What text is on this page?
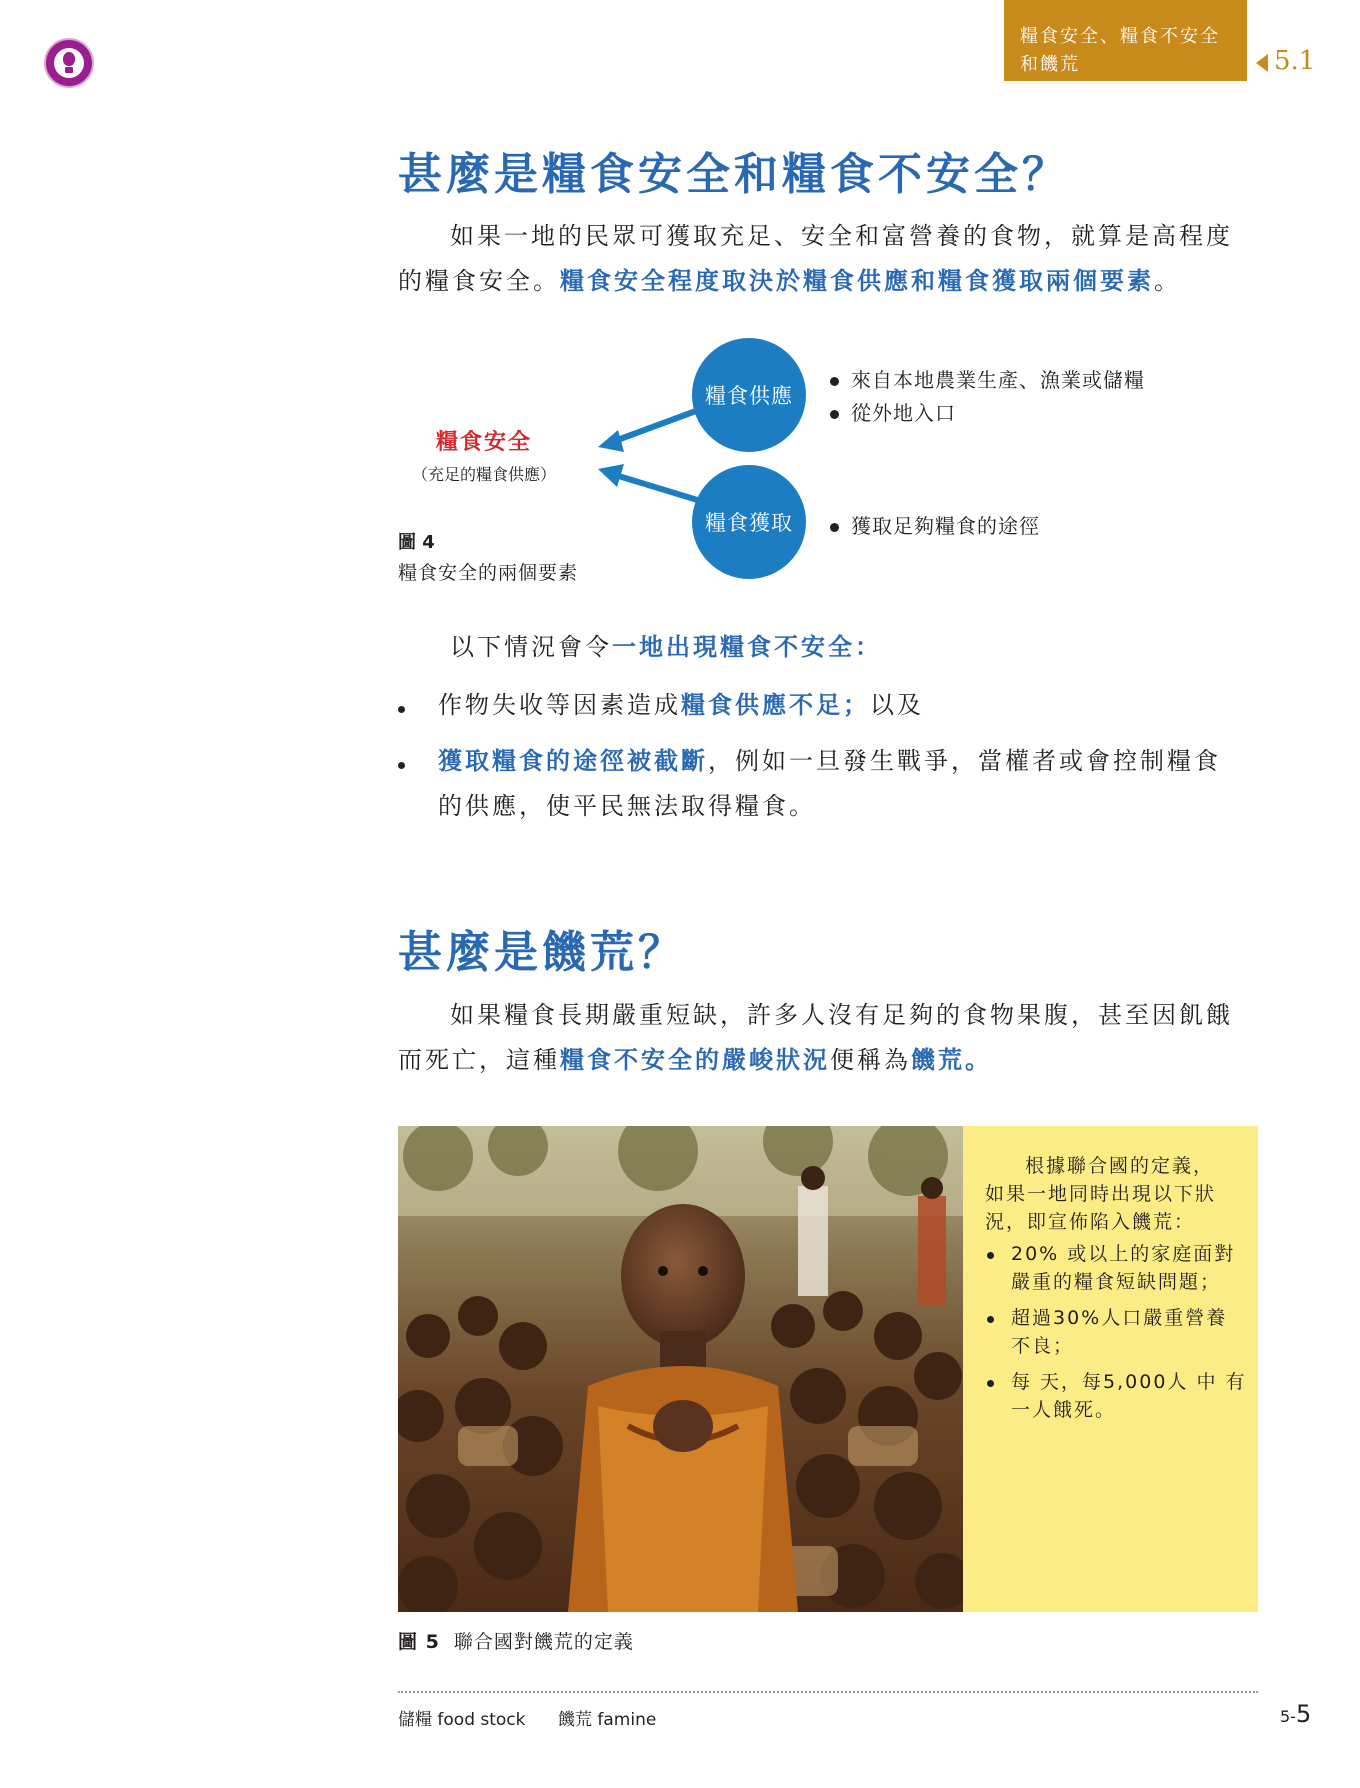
糧食安全、糧食不安全
和饑荒	5.1
甚麼是糧食安全和糧食不安全？
如果一地的民眾可獲取充足、安全和富營養的食物，就算是高程度
的糧食安全。糧食安全程度取決於糧食供應和糧食獲取兩個要素。
糧食供應
糧食獲取
糧食安全
（充足的糧食供應）
來自本地農業生產、漁業或儲糧
從外地入口
獲取足夠糧食的途徑
圖 4
糧食安全的兩個要素
以下情況會令一地出現糧食不安全：
作物失收等因素造成糧食供應不足；以及
獲取糧食的途徑被截斷，例如一旦發生戰爭，當權者或會控制糧食
的供應，使平民無法取得糧食。
甚麼是饑荒？
如果糧食長期嚴重短缺，許多人沒有足夠的食物果腹，甚至因飢餓
而死亡，這種糧食不安全的嚴峻狀況便稱為饑荒。
根據聯合國的定義，
如果一地同時出現以下狀
況，即宣佈陷入饑荒：
20% 或以上的家庭面對
嚴重的糧食短缺問題；
超過30%人口嚴重營養
不良；
每 天，每5,000人 中 有
一人餓死。
圖 5 聯合國對饑荒的定義
儲糧 food stock 饑荒 famine	5-5
